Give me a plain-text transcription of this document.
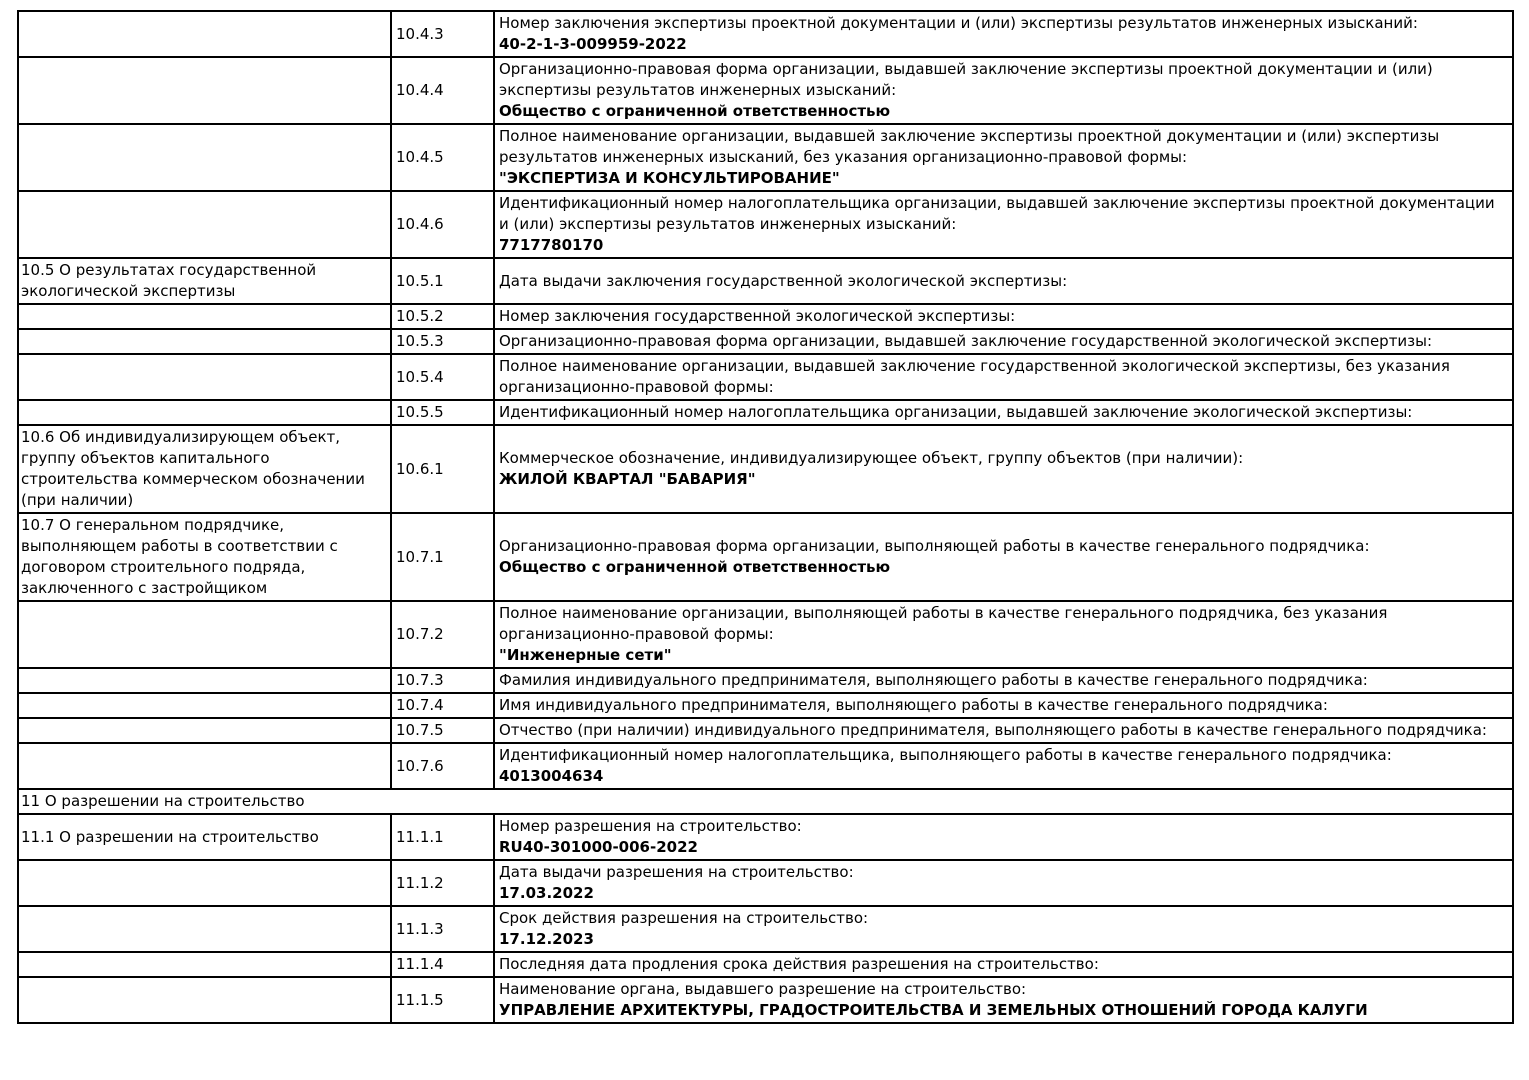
	10.4.3	Номер заключения экспертизы проектной документации и (или) экспертизы результатов инженерных изысканий:
40-2-1-3-009959-2022

	10.4.4	Организационно-правовая форма организации, выдавшей заключение экспертизы проектной документации и (или) экспертизы результатов инженерных изысканий:
Общество с ограниченной ответственностью

	10.4.5	Полное наименование организации, выдавшей заключение экспертизы проектной документации и (или) экспертизы результатов инженерных изысканий, без указания организационно-правовой формы:
"ЭКСПЕРТИЗА И КОНСУЛЬТИРОВАНИЕ"

	10.4.6	Идентификационный номер налогоплательщика организации, выдавшей заключение экспертизы проектной документации и (или) экспертизы результатов инженерных изысканий:
7717780170

10.5 О результатах государственной экологической экспертизы	10.5.1	Дата выдачи заключения государственной экологической экспертизы:

	10.5.2	Номер заключения государственной экологической экспертизы:

	10.5.3	Организационно-правовая форма организации, выдавшей заключение государственной экологической экспертизы:

	10.5.4	Полное наименование организации, выдавшей заключение государственной экологической экспертизы, без указания организационно-правовой формы:

	10.5.5	Идентификационный номер налогоплательщика организации, выдавшей заключение экологической экспертизы:

10.6 Об индивидуализирующем объект, группу объектов капитального строительства коммерческом обозначении (при наличии)	10.6.1	Коммерческое обозначение, индивидуализирующее объект, группу объектов (при наличии):
ЖИЛОЙ КВАРТАЛ "БАВАРИЯ"

10.7 О генеральном подрядчике, выполняющем работы в соответствии с договором строительного подряда, заключенного с застройщиком	10.7.1	Организационно-правовая форма организации, выполняющей работы в качестве генерального подрядчика:
Общество с ограниченной ответственностью

	10.7.2	Полное наименование организации, выполняющей работы в качестве генерального подрядчика, без указания организационно-правовой формы:
"Инженерные сети"

	10.7.3	Фамилия индивидуального предпринимателя, выполняющего работы в качестве генерального подрядчика:

	10.7.4	Имя индивидуального предпринимателя, выполняющего работы в качестве генерального подрядчика:

	10.7.5	Отчество (при наличии) индивидуального предпринимателя, выполняющего работы в качестве генерального подрядчика:

	10.7.6	Идентификационный номер налогоплательщика, выполняющего работы в качестве генерального подрядчика:
4013004634

11 О разрешении на строительство		
11.1 О разрешении на строительство	11.1.1	Номер разрешения на строительство:
RU40-301000-006-2022

	11.1.2	Дата выдачи разрешения на строительство:
17.03.2022

	11.1.3	Срок действия разрешения на строительство:
17.12.2023

	11.1.4	Последняя дата продления срока действия разрешения на строительство:

	11.1.5	Наименование органа, выдавшего разрешение на строительство:
УПРАВЛЕНИЕ АРХИТЕКТУРЫ, ГРАДОСТРОИТЕЛЬСТВА И ЗЕМЕЛЬНЫХ ОТНОШЕНИЙ ГОРОДА КАЛУГИ
